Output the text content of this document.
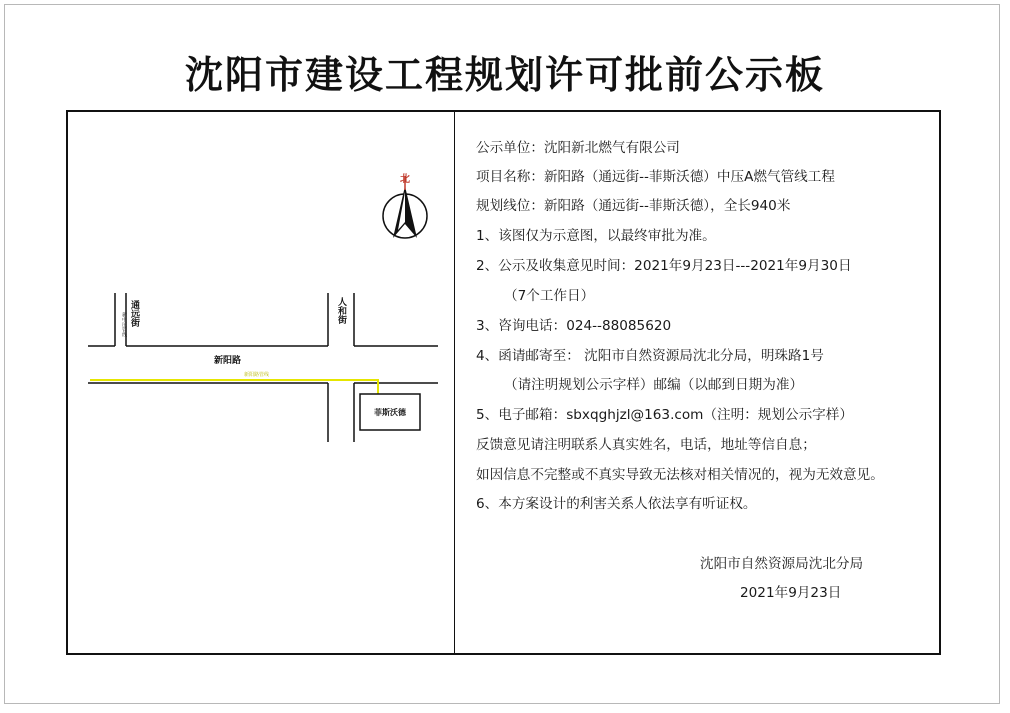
沈阳市建设工程规划许可批前公示板
北
通远街
新中压管线
人和街
新阳路
新阳路管线
菲斯沃德
公示单位：沈阳新北燃气有限公司
项目名称：新阳路（通远街--菲斯沃德）中压A燃气管线工程
规划线位：新阳路（通远街--菲斯沃德），全长940米
1、该图仅为示意图，以最终审批为准。
2、公示及收集意见时间：2021年9月23日---2021年9月30日
（7个工作日）
3、咨询电话：024--88085620
4、函请邮寄至： 沈阳市自然资源局沈北分局，明珠路1号
（请注明规划公示字样）邮编（以邮到日期为准）
5、电子邮箱：sbxqghjzl@163.com（注明：规划公示字样）
反馈意见请注明联系人真实姓名，电话，地址等信自息；
如因信息不完整或不真实导致无法核对相关情况的，视为无效意见。
6、本方案设计的利害关系人依法享有听证权。
沈阳市自然资源局沈北分局
2021年9月23日
